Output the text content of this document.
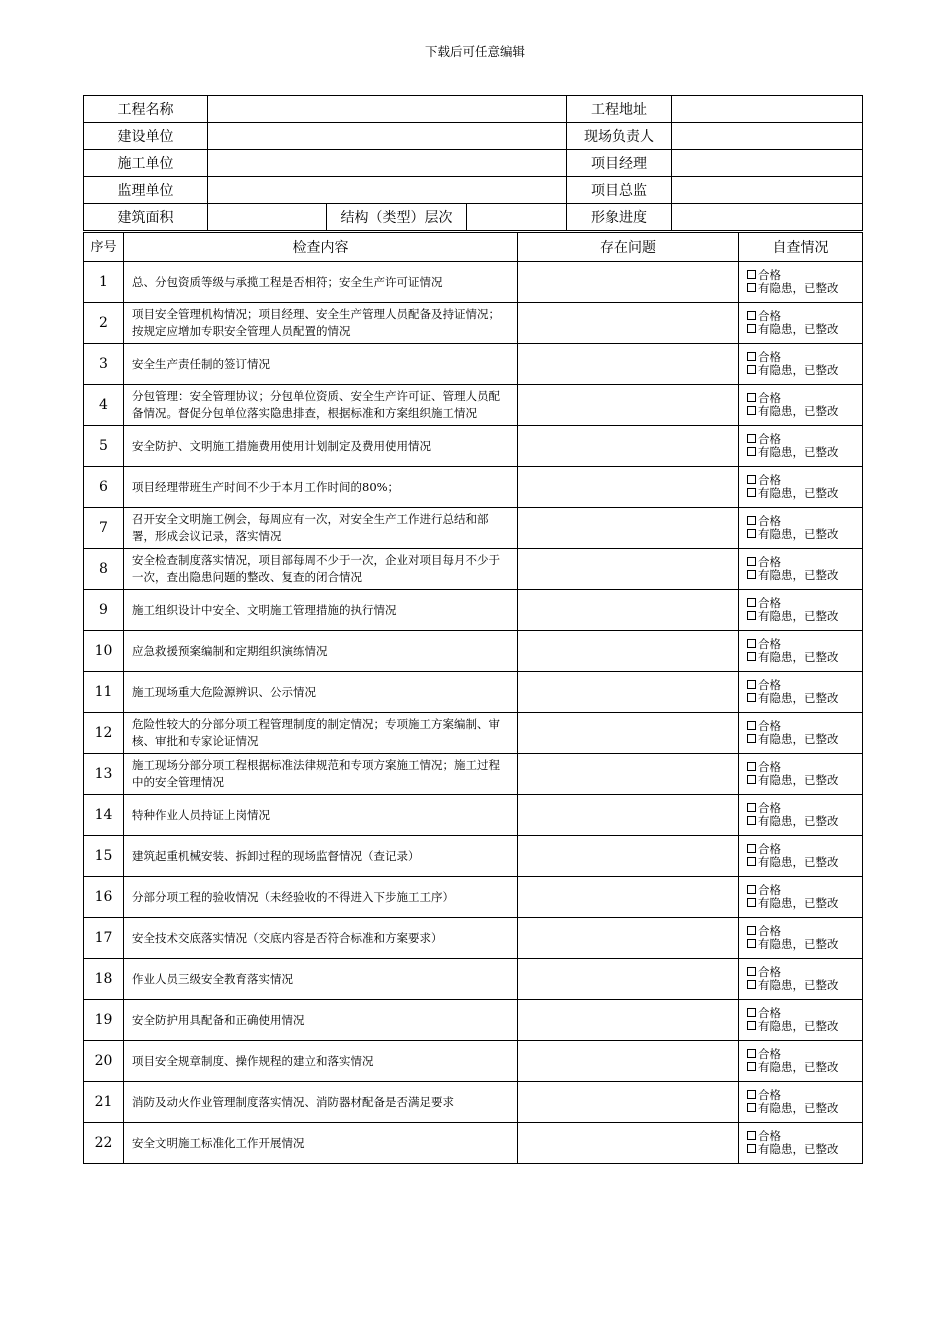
下载后可任意编辑
工程名称				工程地址	
建设单位				现场负责人	
施工单位				项目经理	
监理单位				项目总监	
建筑面积		结构（类型）层次		形象进度	
序号	检查内容	存在问题	自查情况
1	总、分包资质等级与承揽工程是否相符；安全生产许可证情况		合格
有隐患，已整改

2	项目安全管理机构情况；项目经理、安全生产管理人员配备及持证情况；按规定应增加专职安全管理人员配置的情况		合格
有隐患，已整改

3	安全生产责任制的签订情况		合格
有隐患，已整改

4	分包管理：安全管理协议；分包单位资质、安全生产许可证、管理人员配备情况。督促分包单位落实隐患排查，根据标准和方案组织施工情况		合格
有隐患，已整改

5	安全防护、文明施工措施费用使用计划制定及费用使用情况		合格
有隐患，已整改

6	项目经理带班生产时间不少于本月工作时间的80%；		合格
有隐患，已整改

7	召开安全文明施工例会，每周应有一次，对安全生产工作进行总结和部署，形成会议记录，落实情况		合格
有隐患，已整改

8	安全检查制度落实情况，项目部每周不少于一次，企业对项目每月不少于一次，查出隐患问题的整改、复查的闭合情况		合格
有隐患，已整改

9	施工组织设计中安全、文明施工管理措施的执行情况		合格
有隐患，已整改

10	应急救援预案编制和定期组织演练情况		合格
有隐患，已整改

11	施工现场重大危险源辨识、公示情况		合格
有隐患，已整改

12	危险性较大的分部分项工程管理制度的制定情况；专项施工方案编制、审核、审批和专家论证情况		合格
有隐患，已整改

13	施工现场分部分项工程根据标准法律规范和专项方案施工情况；施工过程中的安全管理情况		合格
有隐患，已整改

14	特种作业人员持证上岗情况		合格
有隐患，已整改

15	建筑起重机械安装、拆卸过程的现场监督情况（查记录）		合格
有隐患，已整改

16	分部分项工程的验收情况（未经验收的不得进入下步施工工序）		合格
有隐患，已整改

17	安全技术交底落实情况（交底内容是否符合标准和方案要求）		合格
有隐患，已整改

18	作业人员三级安全教育落实情况		合格
有隐患，已整改

19	安全防护用具配备和正确使用情况		合格
有隐患，已整改

20	项目安全规章制度、操作规程的建立和落实情况		合格
有隐患，已整改

21	消防及动火作业管理制度落实情况、消防器材配备是否满足要求		合格
有隐患，已整改

22	安全文明施工标准化工作开展情况		合格
有隐患，已整改
